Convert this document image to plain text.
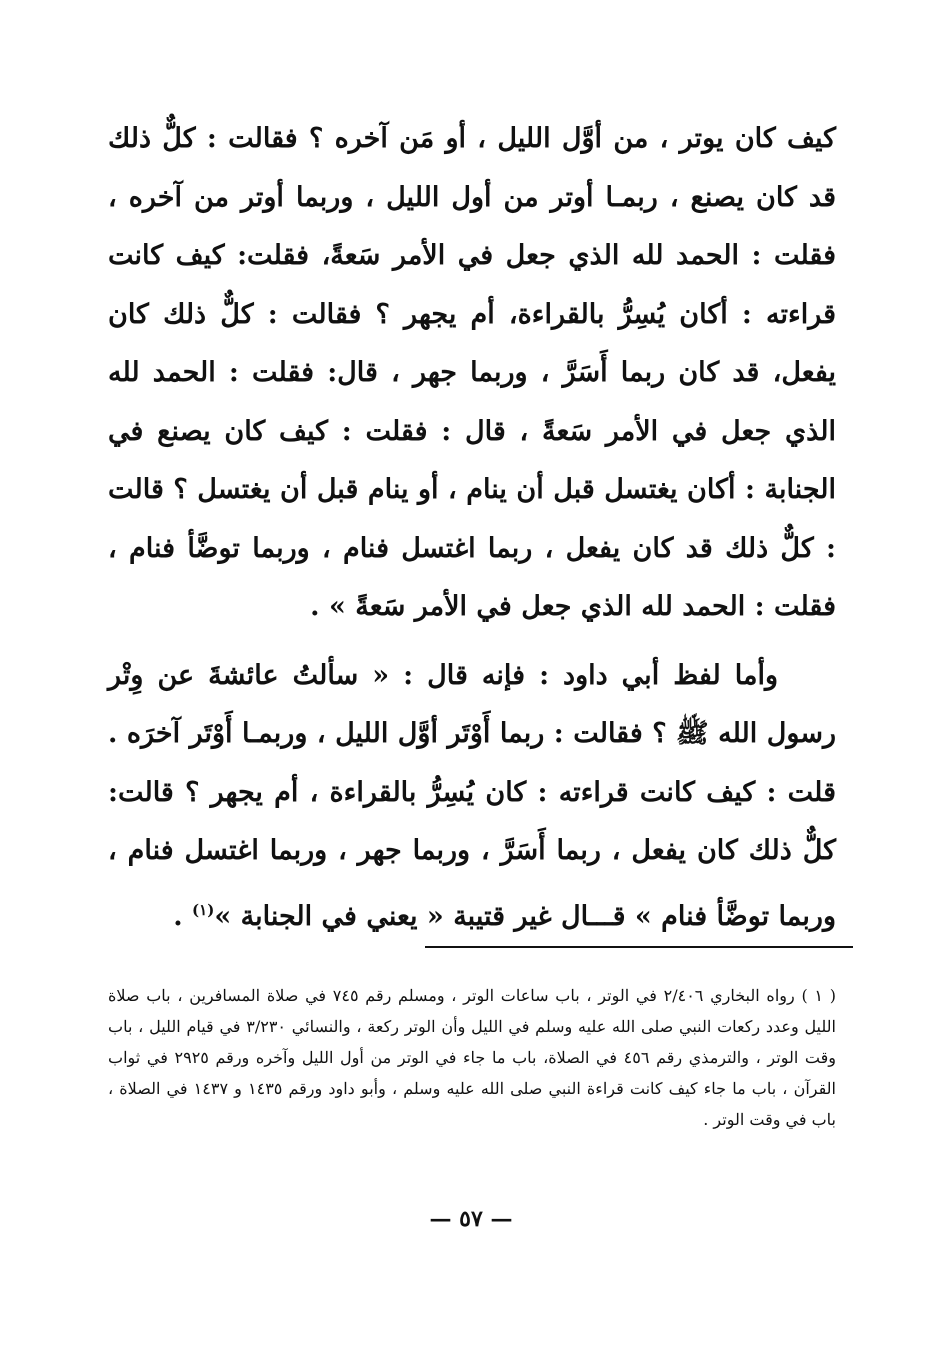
كيف كان يوتر ، من أوَّل الليل ، أو مَن آخره ؟ فقالت : كلٌّ ذلك قد كان يصنع ، ربمـا أوتر من أول الليل ، وربما أوتر من آخره ، فقلت : الحمد لله الذي جعل في الأمر سَعةً، فقلت: كيف كانت قراءته : أكان يُسِرُّ بالقراءة، أم يجهر ؟ فقالت : كلٌّ ذلك كان يفعل، قد كان ربما أَسَرَّ ، وربما جهر ، قال: فقلت : الحمد لله الذي جعل في الأمر سَعةً ، قال : فقلت : كيف كان يصنع في الجنابة : أكان يغتسل قبل أن ينام ، أو ينام قبل أن يغتسل ؟ قالت : كلٌّ ذلك قد كان يفعل ، ربما اغتسل فنام ، وربما توضَّأ فنام ، فقلت : الحمد لله الذي جعل في الأمر سَعةً » .

وأما لفظ أبي داود : فإنه قال : « سألتُ عائشةَ عن وِتْر رسول الله ﷺ ؟ فقالت : ربما أَوْتَر أوَّل الليل ، وربمـا أَوْتَر آخرَه . قلت : كيف كانت قراءته : كان يُسِرُّ بالقراءة ، أم يجهر ؟ قالت: كلٌّ ذلك كان يفعل ، ربما أَسَرَّ ، وربما جهر ، وربما اغتسل فنام ، وربما توضَّأ فنام » قـــال غير قتيبة « يعني في الجنابة »$^{(١)}$ .

( ١ ) رواه البخاري ٢/٤٠٦ في الوتر ، باب ساعات الوتر ، ومسلم رقم ٧٤٥ في صلاة المسافرين ، باب صلاة الليل وعدد ركعات النبي صلى الله عليه وسلم في الليل وأن الوتر ركعة ، والنسائي ٣/٢٣٠ في قيام الليل ، باب وقت الوتر ، والترمذي رقم ٤٥٦ في الصلاة، باب ما جاء في الوتر من أول الليل وآخره ورقم ٢٩٢٥ في ثواب القرآن ، باب ما جاء كيف كانت قراءة النبي صلى الله عليه وسلم ، وأبو داود ورقم ١٤٣٥ و ١٤٣٧ في الصلاة ، باب في وقت الوتر .

— ٥٧ —
